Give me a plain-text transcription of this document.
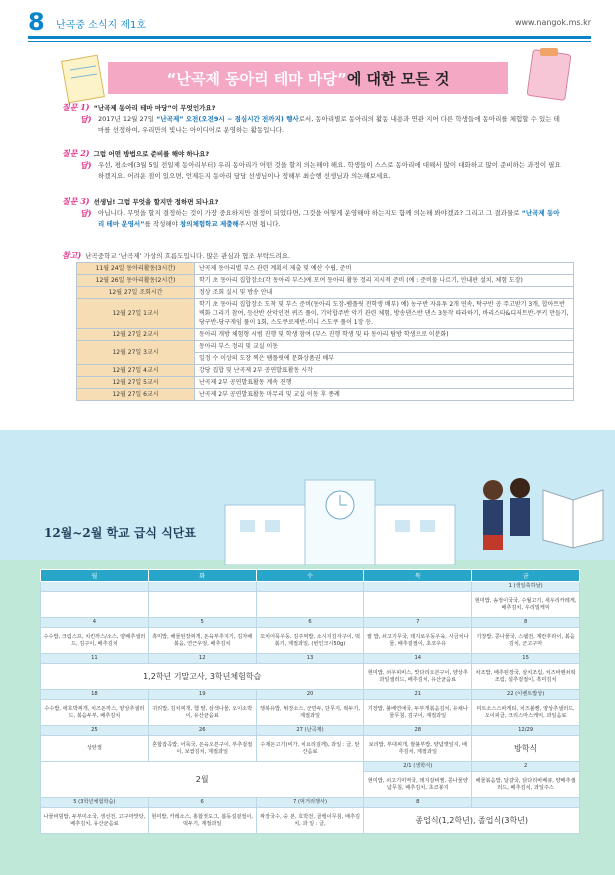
8 난곡중 소식지 제1호	www.nangok.ms.kr
“난곡제 동아리 테마 마당”에 대한 모든 것
질문 1) “난곡제 동아리 테마 마당”이 무엇인가요?
답) 2017년 12월 27일 “난곡제” 오전(오전9시 ~ 점심시간 전까지) 행사로서, 동아리별로 동아리의 활동 내용과 연관 지어 다른 학생들에 동아리를 체험할 수 있는 테마를 선정하여, 우리만의 빛나는 아이디어로 운영하는 활동입니다.
질문 2) 그럼 어떤 방법으로 준비를 해야 하나요?
답) 우선, 평소에(3월 5일 전일제 동아리부터) 우리 동아리가 어떤 것을 할지 의논해야 해요. 학생들이 스스로 동아리에 대해서 많이 대화하고 많이 준비하는 과정이 필요하겠지요. 어려운 점이 있으면, 언제든지 동아리 담당 선생님이나 정해부 최승행 선생님과 의논해보세요.
질문 3) 선생님! 그럼 무엇을 할지만 정하면 되나요?
답) 아닙니다. 무엇을 할지 결정하는 것이 가장 중요하지만 결정이 되었다면, 그것을 어떻게 운영해야 하는지도 함께 의논해 봐야겠죠? 그리고 그 결과물로 “난곡제 동아리 테마 운영서”를 작성해야 창의체험학교 제출해주시면 됩니다.
참고) 난곡중학교 ‘난곡제’ 가상의 흐름도입니다. 많은 관심과 협조 부탁드려요.
11월 24일 동아리활동(3시간)	난곡제 동아리별 부스 관련 계획서 제출 및 예산 수립, 준비
12월 26일 동아리활동(2시간)	학기 초 동아리 집합장소(각 동아리 부스)에 모여 동아리 활동 정리 지시적 준비 (예 : 준비물 나르기, 안내판 설치, 체험 도장)
12월 27일 조회시간	정상 조회 실시 및 방송 안내
12월 27일 1교시	학기 초 동아리 집합장소 도착 및 부스 준비(동아리 도장-팸플릿 전학생 배부) 예) 농구반 자유투 2개 연속, 탁구반 공 주고받기 3개, 합아트반 벽화 그리기 참여, 등산반 산악인전 퀴즈 풀이, 기악합주반 악기 관련 체험, 방송댄스반 댄스 3동작 따라하기, 바리스타&디저트반-쿠키 만들기, 당구반-당구게임 풀이 1회, 스도쿠로제반-미니 스도쿠 풀이 1장 등.
12월 27일 2교시	동아리 개방 체험형 시범 진행 및 학생 참여 (부스 진행 학생 및 타 동아리 탐방 학생으로 이분화)
12월 27일 3교시	동아리 부스 정리 및 교실 이동
	일정 수 이상의 도장 찍은 팸플릿에 문화상품권 배부
12월 27일 4교시	강당 집합 및 난곡제 2부 공연발표활동 시작
12월 27일 5교시	난곡제 2부 공연발표활동 계속 진행
12월 27일 6교시	난곡제 2부 공연발표활동 마무리 및 교실 이동 후 종례
12월~2월 학교 급식 식단표
월	화	수	목	금
				1 (생일축하날)
				현미밥, 송정이국국, 수월고기, 새우리카레게, 배추김치, 우리밀케익
4	5	6	7	8
수수밥, 크림스프, 치킨까스/소스, 양배추샐러드, 김구이, 배추김치	흑미밥, 해물된장찌개, 돈육부추지기, 김자배볶음, 연근우엉, 배추김치	꼬치어묵우동, 김주먹밥, 소시지김자구이, 떡볶기, 계절과일, (번인크시50g)	쌀 밥, 쇠고기무국, 돼지로우동우육, 시금치나물, 배추겉절이, 초코우유	기장밥, 콩나물국, 스팸전, 계란후라이, 볶음김치, 군고구마
11	12	13	14	15
1,2학년 기말고사, 3학년체험학습			현미밥, 쇠우피비스, 맛다리오븐구이, 양상추과일샐러드, 배추김치, 유산균음료	차조밥, 배추된장국, 삼치조림, 치즈바렌쇠떡조림, 설추겉절이, 흑미김치
18	19	20	21	22 (이벤트밥상)
수수밥, 애호박찌개, 치즈돈까스, 양상추샐러드, 볶음두부, 배추김치	귀리밥, 김치찌개, 햄 말, 삼색나물, 오이소박이, 유산균음료	행복유밥, 튀장소스, 군만두, 단무지, 떡두기, 계절과일	기장밥, 불배연애국, 두부개볶음김치, 유채나물무침, 김구이, 계절과일	미트소스스파게티, 치즈볼빵, 양상추샐러드, 오이피클, 크리스마스케익, 과일음료
25	26	27 (난곡제)	28	12/29
성탄절	혼합잡곡밥, 어묵국, 돈육오븐구이, 부추겉절이, 보쌈김치, 계절과일	수제돈고기(비가, 치요리걸깨), 과일 : 글, 탄산음료	보리밥, 부대찌개, 쌀불부밥, 양념깻잎지, 배추김치, 계절과일	방학식
2월			2/1 (생학식)	2
			현미밥, 쇠고기미역국, 돼지갈비찜, 콩나물양념무침, 배추김치, 초코봉지	해물볶음밥, 달걀국, 닭다리바베큐, 양배추샐러드, 배추김치, 과일주스
5 (3학년체험학습)	6	7 (먹거리행사)	8	
나물비빔밥, 두부미소국, 생선전, 고구마맛탕, 배추김치, 유산균음료	현미밥, 카레소스, 홍합젓도그, 봄동설겉절이, 떡두기, 계절과일	짜장국수, 숭 본, 호박전, 골뱅이무침, 배추김치, 과 일 : 글,	종업식(1,2학년), 졸업식(3학년)	
